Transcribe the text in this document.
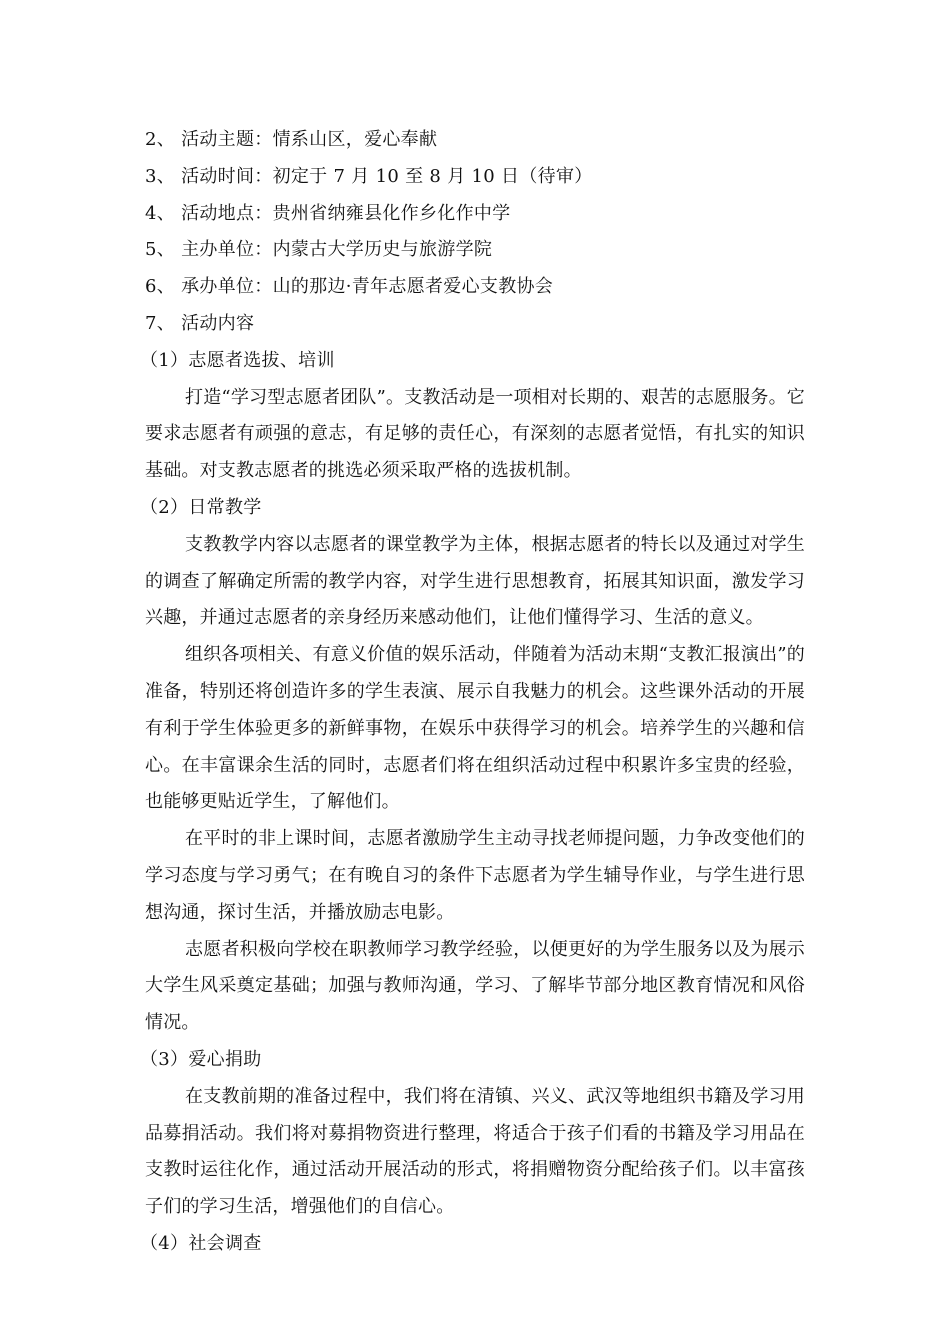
2、 活动主题：情系山区，爱心奉献
3、 活动时间：初定于 7 月 10 至 8 月 10 日（待审）
4、 活动地点：贵州省纳雍县化作乡化作中学
5、 主办单位：内蒙古大学历史与旅游学院
6、 承办单位：山的那边·青年志愿者爱心支教协会
7、 活动内容
（1）志愿者选拔、培训
打造“学习型志愿者团队”。支教活动是一项相对长期的、艰苦的志愿服务。它要求志愿者有顽强的意志，有足够的责任心，有深刻的志愿者觉悟，有扎实的知识基础。对支教志愿者的挑选必须采取严格的选拔机制。
（2）日常教学
支教教学内容以志愿者的课堂教学为主体，根据志愿者的特长以及通过对学生的调查了解确定所需的教学内容，对学生进行思想教育，拓展其知识面，激发学习兴趣，并通过志愿者的亲身经历来感动他们，让他们懂得学习、生活的意义。
组织各项相关、有意义价值的娱乐活动，伴随着为活动末期“支教汇报演出”的准备，特别还将创造许多的学生表演、展示自我魅力的机会。这些课外活动的开展有利于学生体验更多的新鲜事物，在娱乐中获得学习的机会。培养学生的兴趣和信心。在丰富课余生活的同时，志愿者们将在组织活动过程中积累许多宝贵的经验，也能够更贴近学生，了解他们。
在平时的非上课时间，志愿者激励学生主动寻找老师提问题，力争改变他们的学习态度与学习勇气；在有晚自习的条件下志愿者为学生辅导作业，与学生进行思想沟通，探讨生活，并播放励志电影。
志愿者积极向学校在职教师学习教学经验，以便更好的为学生服务以及为展示大学生风采奠定基础；加强与教师沟通，学习、了解毕节部分地区教育情况和风俗情况。
（3）爱心捐助
在支教前期的准备过程中，我们将在清镇、兴义、武汉等地组织书籍及学习用品募捐活动。我们将对募捐物资进行整理，将适合于孩子们看的书籍及学习用品在支教时运往化作，通过活动开展活动的形式，将捐赠物资分配给孩子们。以丰富孩子们的学习生活，增强他们的自信心。
（4）社会调查
